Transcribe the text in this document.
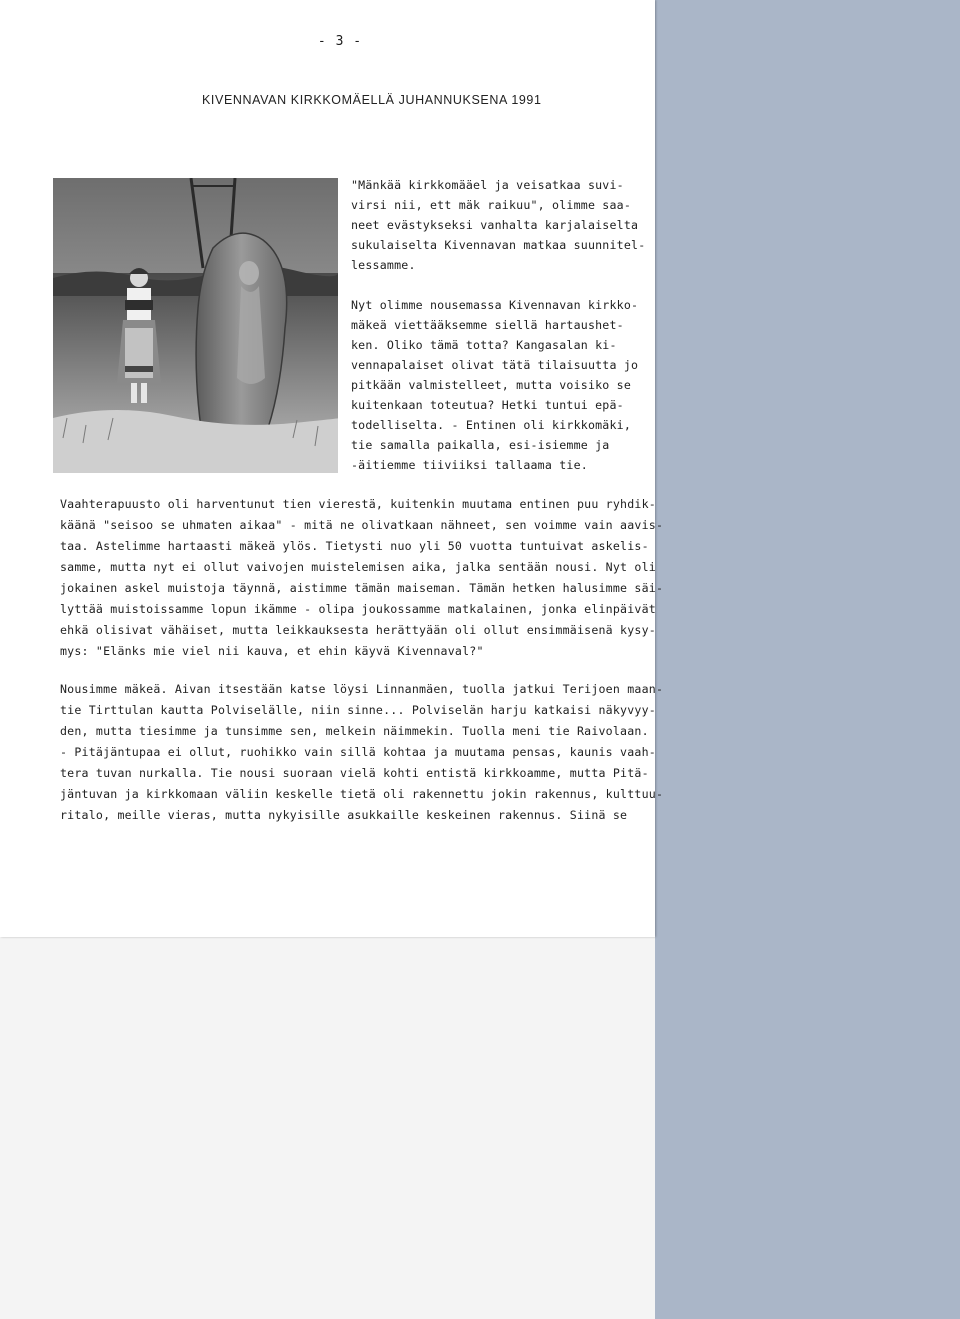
- 3 -
KIVENNAVAN KIRKKOMÄELLÄ JUHANNUKSENA 1991
"Mänkää kirkkomääel ja veisatkaa suvi-
virsi nii, ett mäk raikuu", olimme saa-
neet evästykseksi vanhalta karjalaiselta
sukulaiselta Kivennavan matkaa suunnitel-
lessamme.
Nyt olimme nousemassa Kivennavan kirkko-
mäkeä viettääksemme siellä hartaushet-
ken. Oliko tämä totta? Kangasalan ki-
vennapalaiset olivat tätä tilaisuutta jo
pitkään valmistelleet, mutta voisiko se
kuitenkaan toteutua? Hetki tuntui epä-
todelliselta. - Entinen oli kirkkomäki,
tie samalla paikalla, esi-isiemme ja
-äitiemme tiiviiksi tallaama tie.
Vaahterapuusto oli harventunut tien vierestä, kuitenkin muutama entinen puu ryhdik-
käänä "seisoo se uhmaten aikaa" - mitä ne olivatkaan nähneet, sen voimme vain aavis-
taa. Astelimme hartaasti mäkeä ylös. Tietysti nuo yli 50 vuotta tuntuivat askelis-
samme, mutta nyt ei ollut vaivojen muistelemisen aika, jalka sentään nousi. Nyt oli
jokainen askel muistoja täynnä, aistimme tämän maiseman. Tämän hetken halusimme säi-
lyttää muistoissamme lopun ikämme - olipa joukossamme matkalainen, jonka elinpäivät
ehkä olisivat vähäiset, mutta leikkauksesta herättyään oli ollut ensimmäisenä kysy-
mys: "Elänks mie viel nii kauva, et ehin käyvä Kivennaval?"
Nousimme mäkeä. Aivan itsestään katse löysi Linnanmäen, tuolla jatkui Terijoen maan-
tie Tirttulan kautta Polviselälle, niin sinne... Polviselän harju katkaisi näkyvyy-
den, mutta tiesimme ja tunsimme sen, melkein näimmekin. Tuolla meni tie Raivolaan.
- Pitäjäntupaa ei ollut, ruohikko vain sillä kohtaa ja muutama pensas, kaunis vaah-
tera tuvan nurkalla. Tie nousi suoraan vielä kohti entistä kirkkoamme, mutta Pitä-
jäntuvan ja kirkkomaan väliin keskelle tietä oli rakennettu jokin rakennus, kulttuu-
ritalo, meille vieras, mutta nykyisille asukkaille keskeinen rakennus. Siinä se
